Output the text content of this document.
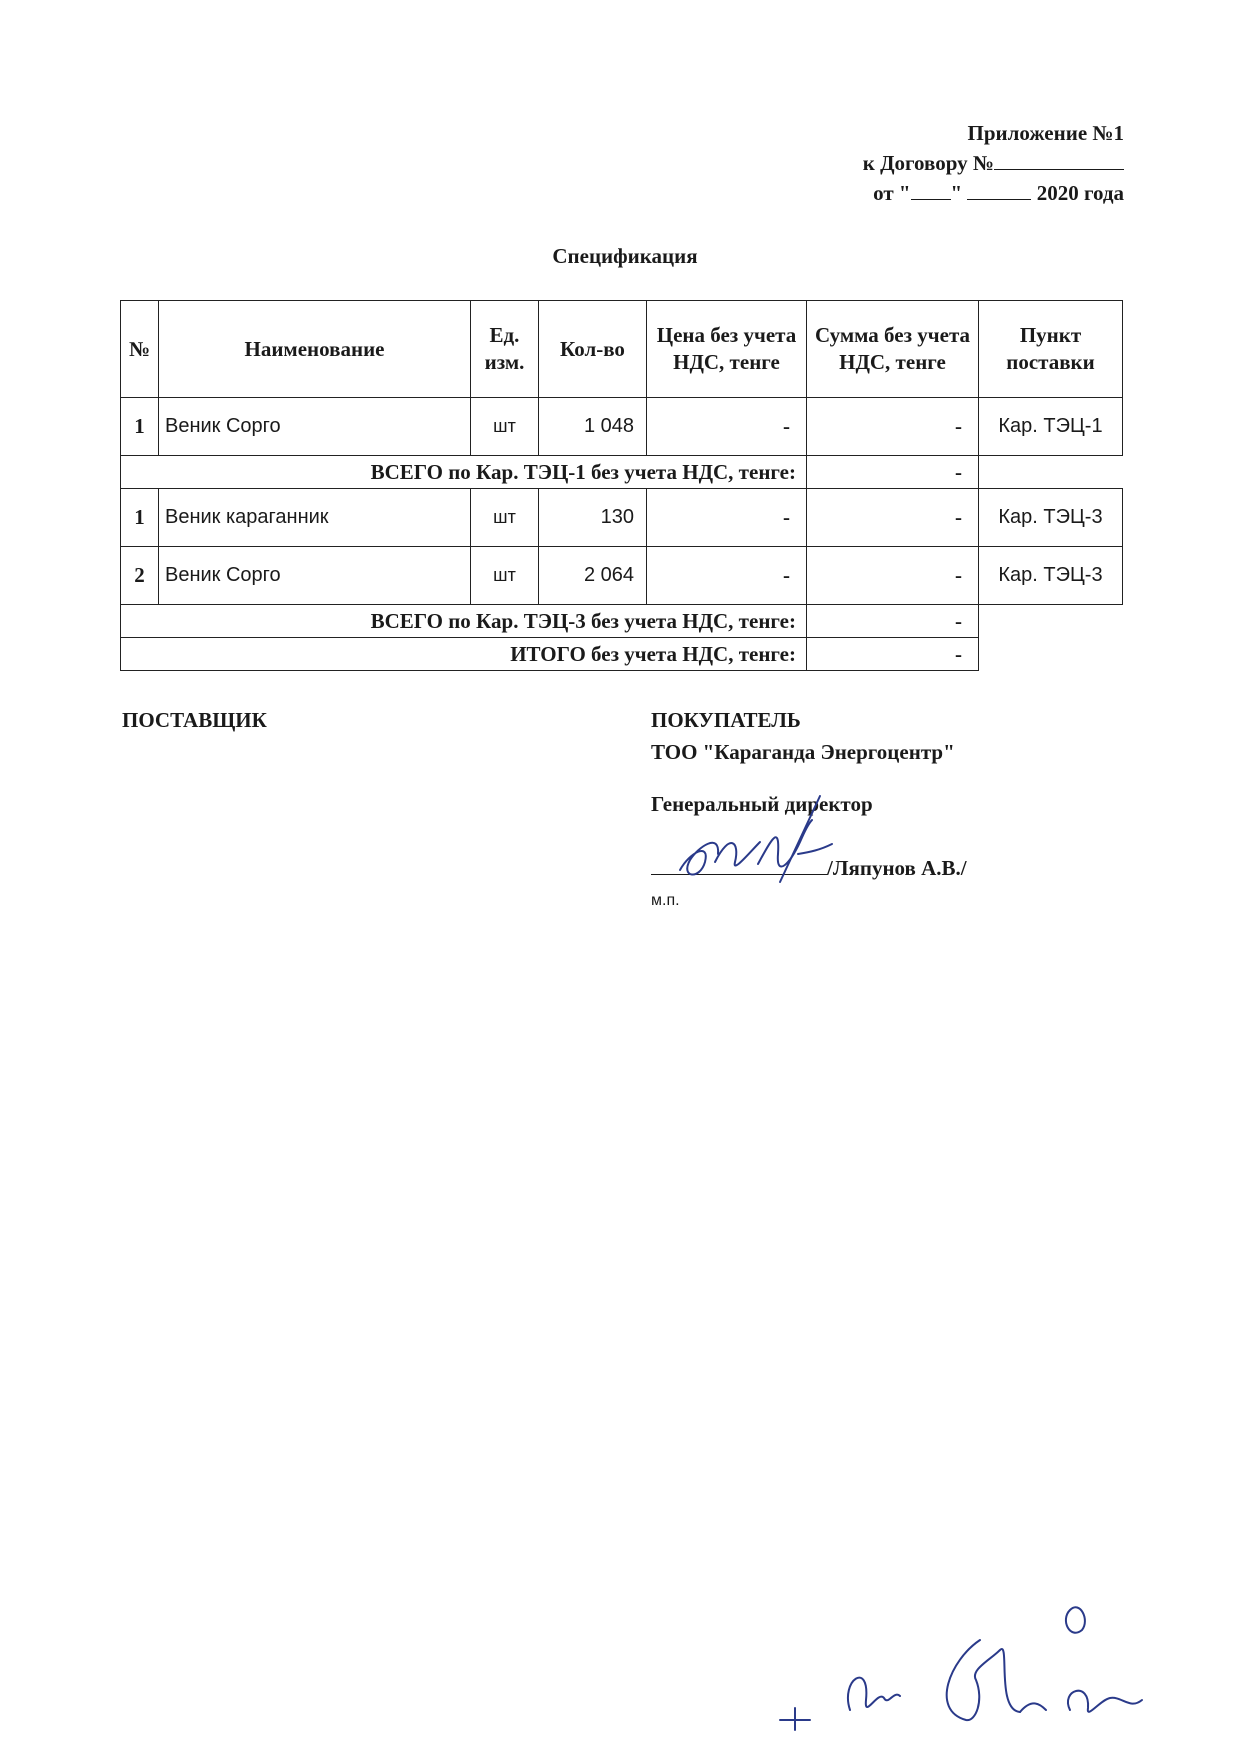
Приложение №1
к Договору №
от " "	2020 года
Спецификация
№	Наименование	Ед. изм.	Кол-во	Цена без учета НДС, тенге	Сумма без учета НДС, тенге	Пункт поставки
1	Веник Сорго	шт	1 048	-	-	Кар. ТЭЦ-1
ВСЕГО по Кар. ТЭЦ-1 без учета НДС, тенге:					-	
1	Веник караганник	шт	130	-	-	Кар. ТЭЦ-3
2	Веник Сорго	шт	2 064	-	-	Кар. ТЭЦ-3
ВСЕГО по Кар. ТЭЦ-3 без учета НДС, тенге:					-	
ИТОГО без учета НДС, тенге:					-	
ПОСТАВЩИК	ПОКУПАТЕЛЬ
ТОО "Караганда Энергоцентр"
Генеральный директор
/Ляпунов А.В./
м.п.
